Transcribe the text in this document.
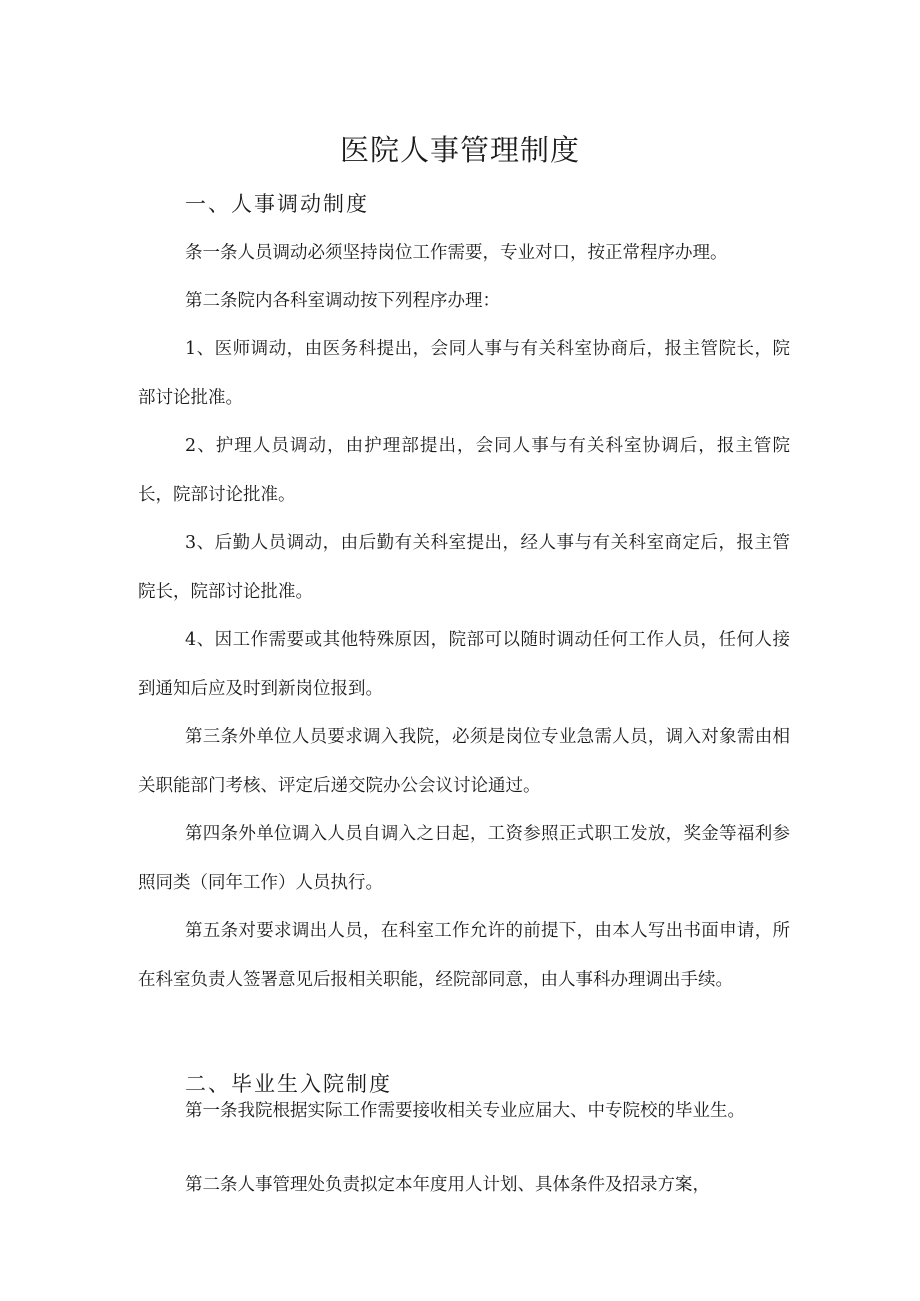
医院人事管理制度
一、人事调动制度

条一条人员调动必须坚持岗位工作需要，专业对口，按正常程序办理。

第二条院内各科室调动按下列程序办理：

1、医师调动，由医务科提出，会同人事与有关科室协商后，报主管院长，院部讨论批准。

2、护理人员调动，由护理部提出，会同人事与有关科室协调后，报主管院长，院部讨论批准。

3、后勤人员调动，由后勤有关科室提出，经人事与有关科室商定后，报主管院长，院部讨论批准。

4、因工作需要或其他特殊原因，院部可以随时调动任何工作人员，任何人接到通知后应及时到新岗位报到。

第三条外单位人员要求调入我院，必须是岗位专业急需人员，调入对象需由相关职能部门考核、评定后递交院办公会议讨论通过。

第四条外单位调入人员自调入之日起，工资参照正式职工发放，奖金等福利参照同类（同年工作）人员执行。

第五条对要求调出人员，在科室工作允许的前提下，由本人写出书面申请，所在科室负责人签署意见后报相关职能，经院部同意，由人事科办理调出手续。

二、毕业生入院制度

第一条我院根据实际工作需要接收相关专业应届大、中专院校的毕业生。

第二条人事管理处负责拟定本年度用人计划、具体条件及招录方案，
